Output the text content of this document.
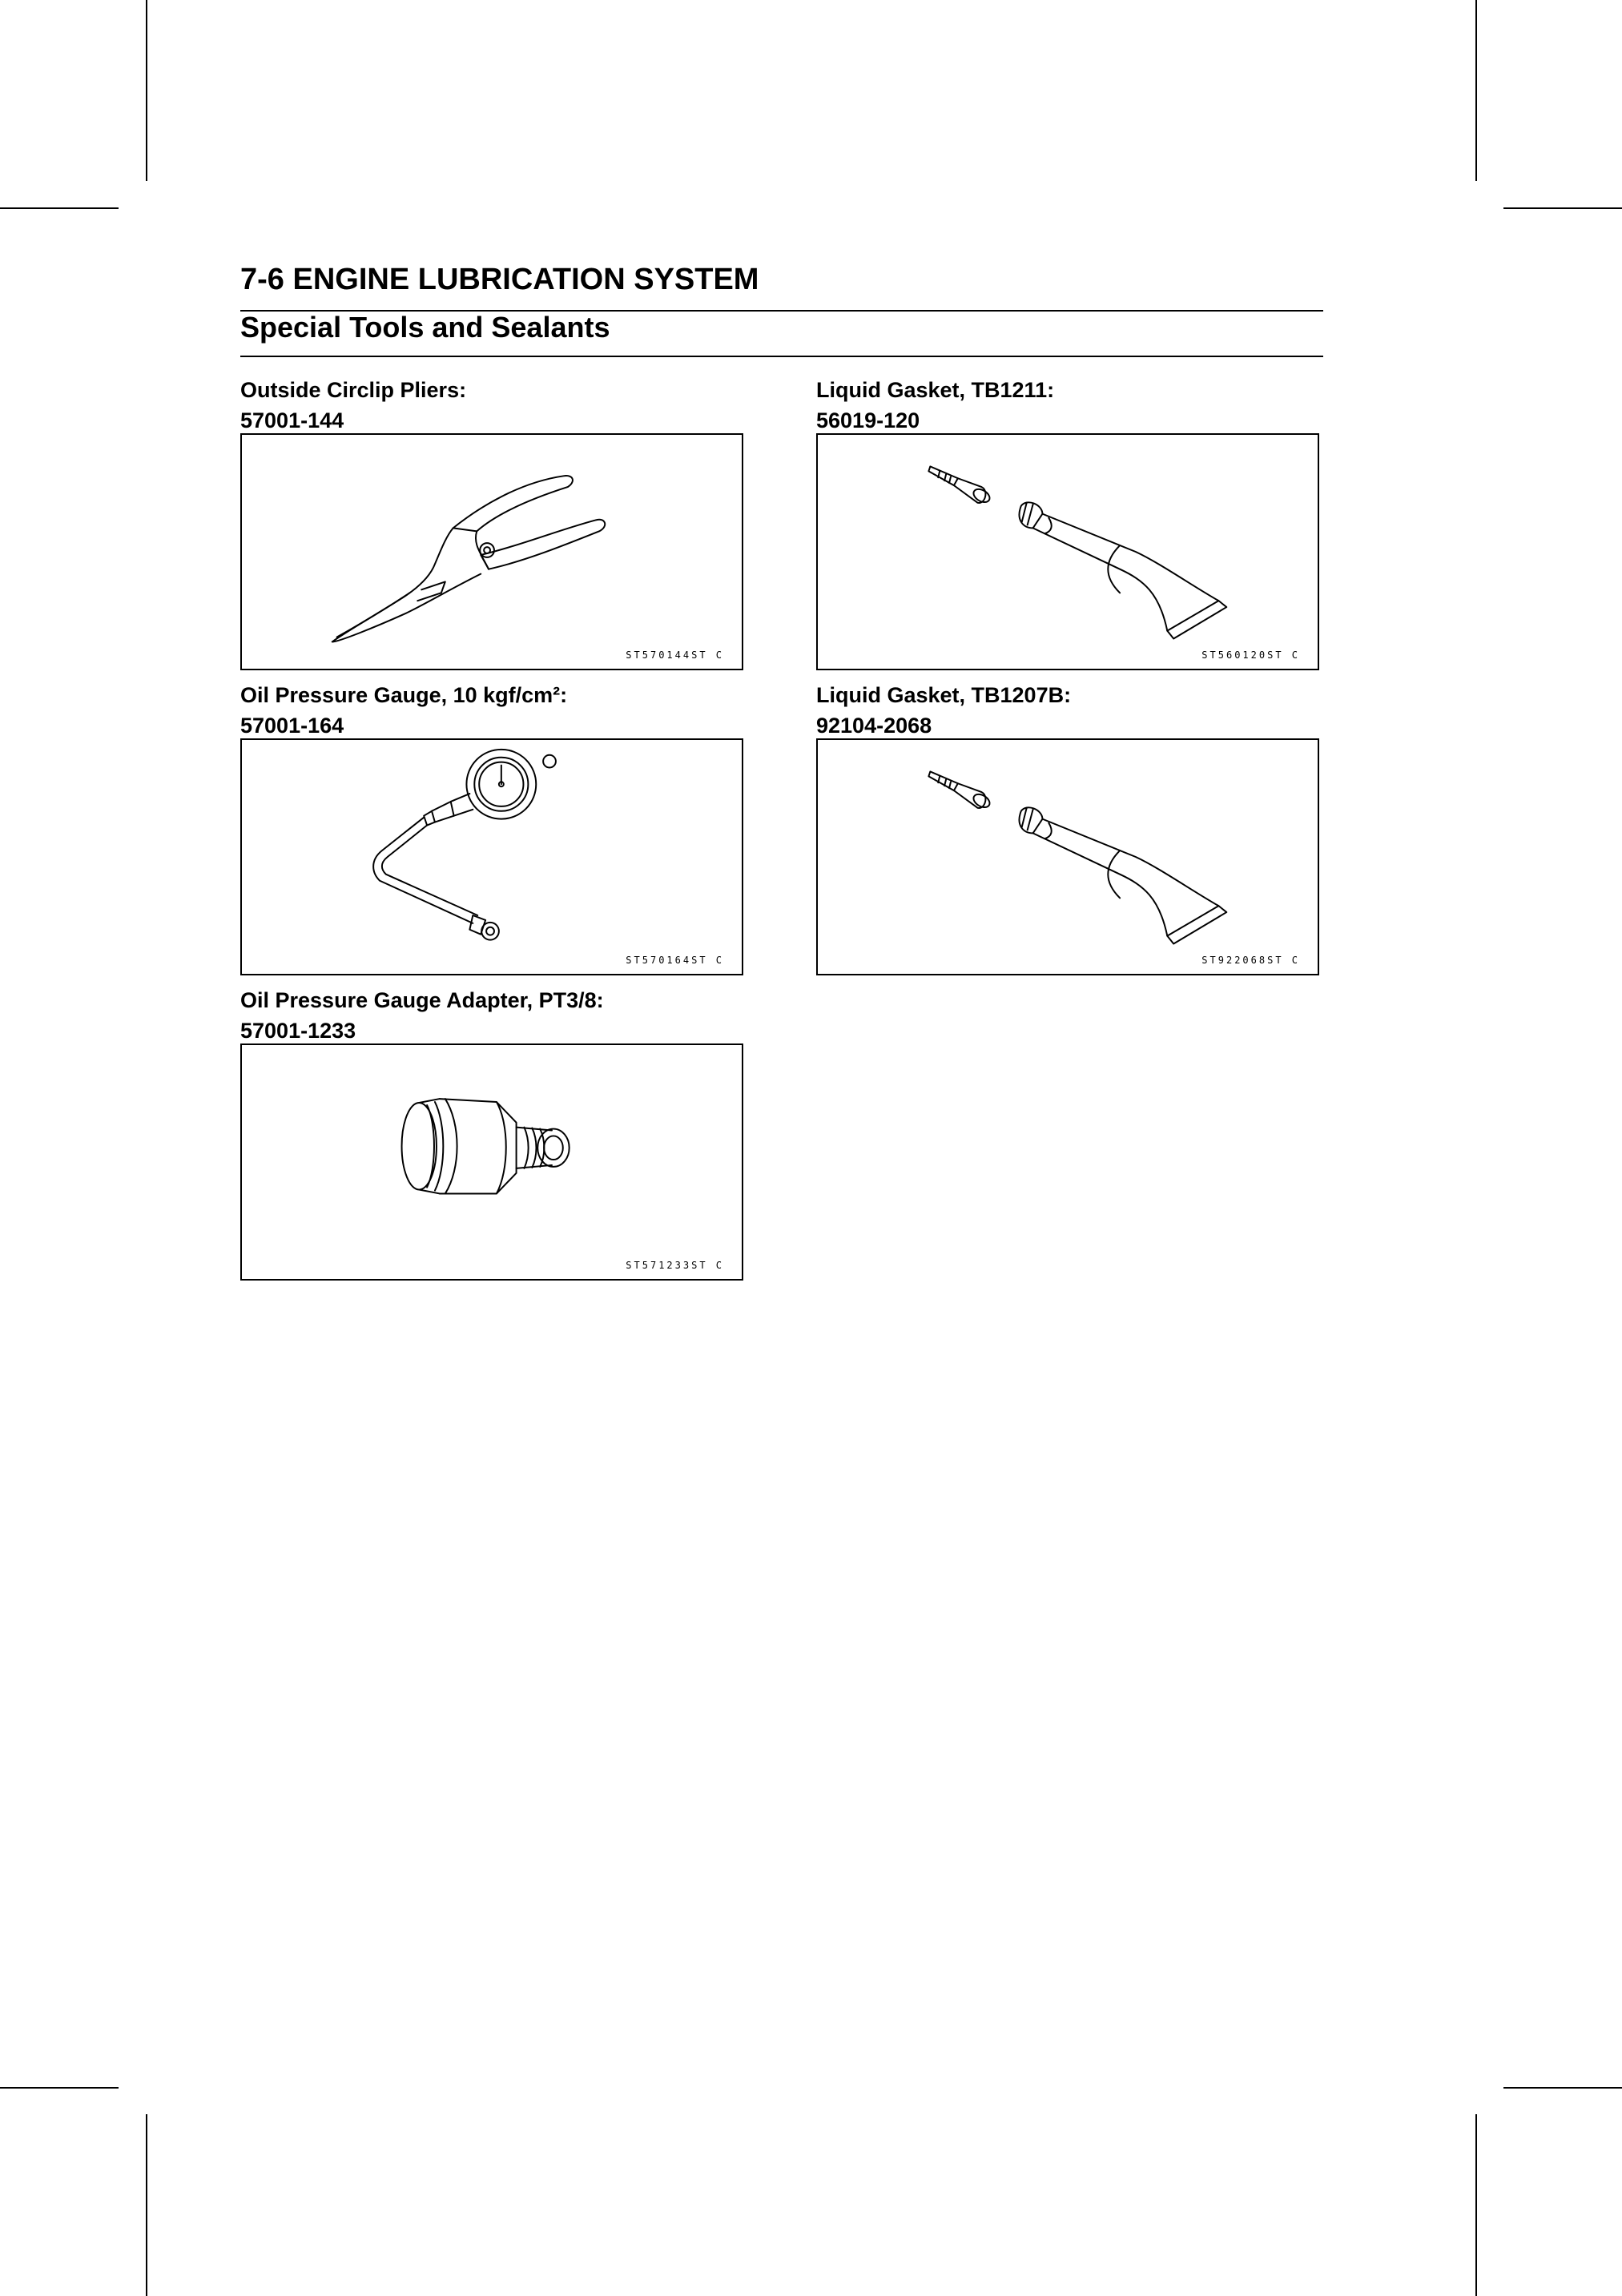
7-6 ENGINE LUBRICATION SYSTEM
Special Tools and Sealants
Outside Circlip Pliers:
57001-144
ST570144ST C
Liquid Gasket, TB1211:
56019-120
ST560120ST C
Oil Pressure Gauge, 10 kgf/cm²:
57001-164
ST570164ST C
Liquid Gasket, TB1207B:
92104-2068
ST922068ST C
Oil Pressure Gauge Adapter, PT3/8:
57001-1233
ST571233ST C
